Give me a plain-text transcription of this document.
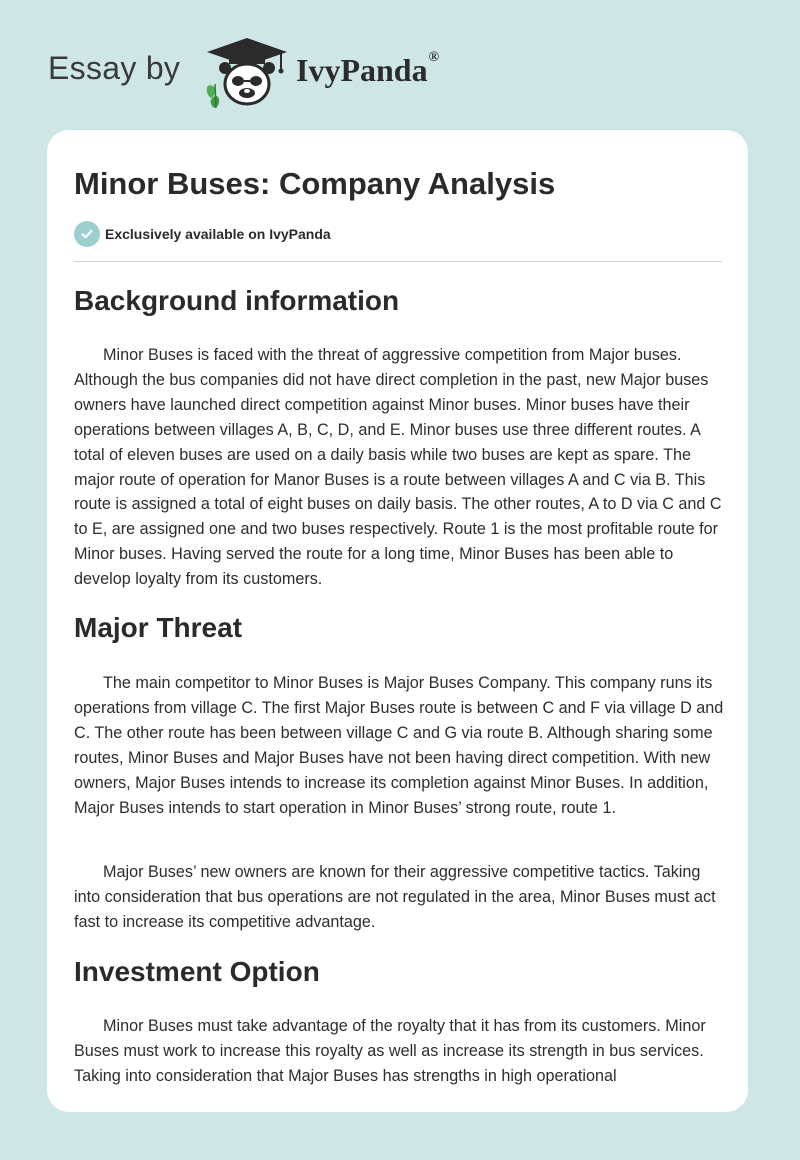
Essay by	IvyPanda®
Minor Buses: Company Analysis
Exclusively available on IvyPanda
Background information

Minor Buses is faced with the threat of aggressive competition from Major buses. Although the bus companies did not have direct completion in the past, new Major buses owners have launched direct competition against Minor buses. Minor buses have their operations between villages A, B, C, D, and E. Minor buses use three different routes. A total of eleven buses are used on a daily basis while two buses are kept as spare. The major route of operation for Manor Buses is a route between villages A and C via B. This route is assigned a total of eight buses on daily basis. The other routes, A to D via C and C to E, are assigned one and two buses respectively. Route 1 is the most profitable route for Minor buses. Having served the route for a long time, Minor Buses has been able to develop loyalty from its customers.

Major Threat

The main competitor to Minor Buses is Major Buses Company. This company runs its operations from village C. The first Major Buses route is between C and F via village D and C. The other route has been between village C and G via route B. Although sharing some routes, Minor Buses and Major Buses have not been having direct competition. With new owners, Major Buses intends to increase its completion against Minor Buses. In addition, Major Buses intends to start operation in Minor Buses’ strong route, route 1.

Major Buses’ new owners are known for their aggressive competitive tactics. Taking into consideration that bus operations are not regulated in the area, Minor Buses must act fast to increase its competitive advantage.

Investment Option

Minor Buses must take advantage of the royalty that it has from its customers. Minor Buses must work to increase this royalty as well as increase its strength in bus services. Taking into consideration that Major Buses has strengths in high operational
